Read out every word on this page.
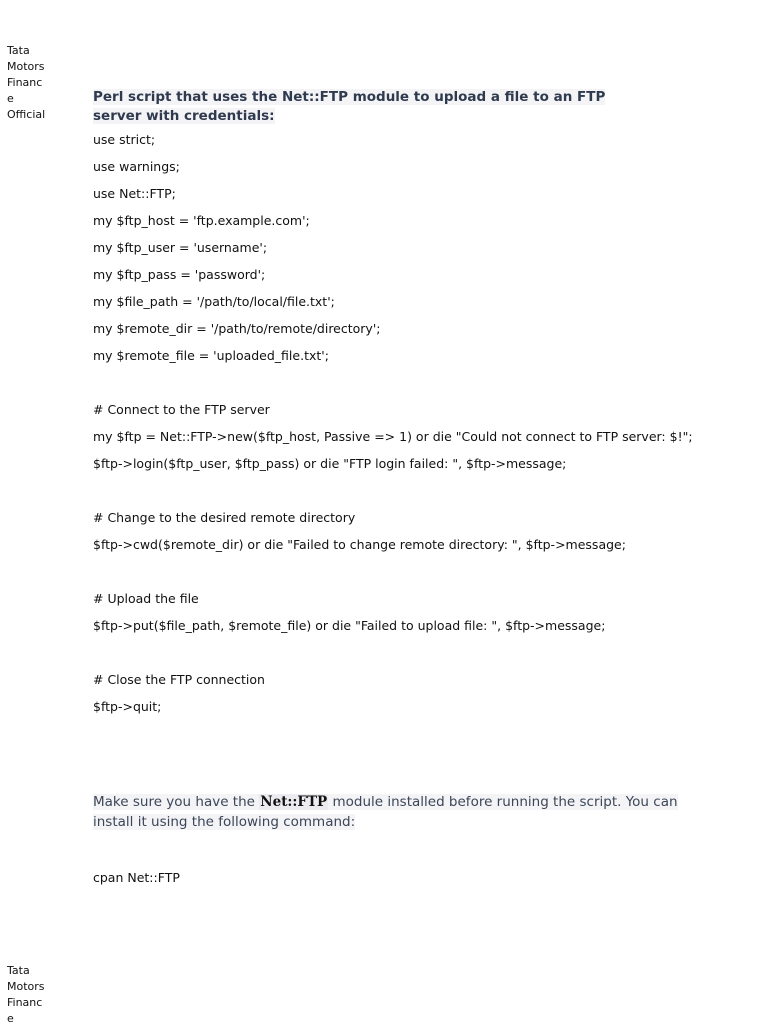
Tata
Motors
Financ
e
Official
Perl script that uses the Net::FTP module to upload a file to an FTP server with credentials:
use strict;
use warnings;
use Net::FTP;
my $ftp_host = 'ftp.example.com';
my $ftp_user = 'username';
my $ftp_pass = 'password';
my $file_path = '/path/to/local/file.txt';
my $remote_dir = '/path/to/remote/directory';
my $remote_file = 'uploaded_file.txt';
# Connect to the FTP server
my $ftp = Net::FTP->new($ftp_host, Passive => 1) or die "Could not connect to FTP server: $!";
$ftp->login($ftp_user, $ftp_pass) or die "FTP login failed: ", $ftp->message;
# Change to the desired remote directory
$ftp->cwd($remote_dir) or die "Failed to change remote directory: ", $ftp->message;
# Upload the file
$ftp->put($file_path, $remote_file) or die "Failed to upload file: ", $ftp->message;
# Close the FTP connection
$ftp->quit;
Make sure you have the Net::FTP module installed before running the script. You can install it using the following command:
cpan Net::FTP
Tata
Motors
Financ
e
